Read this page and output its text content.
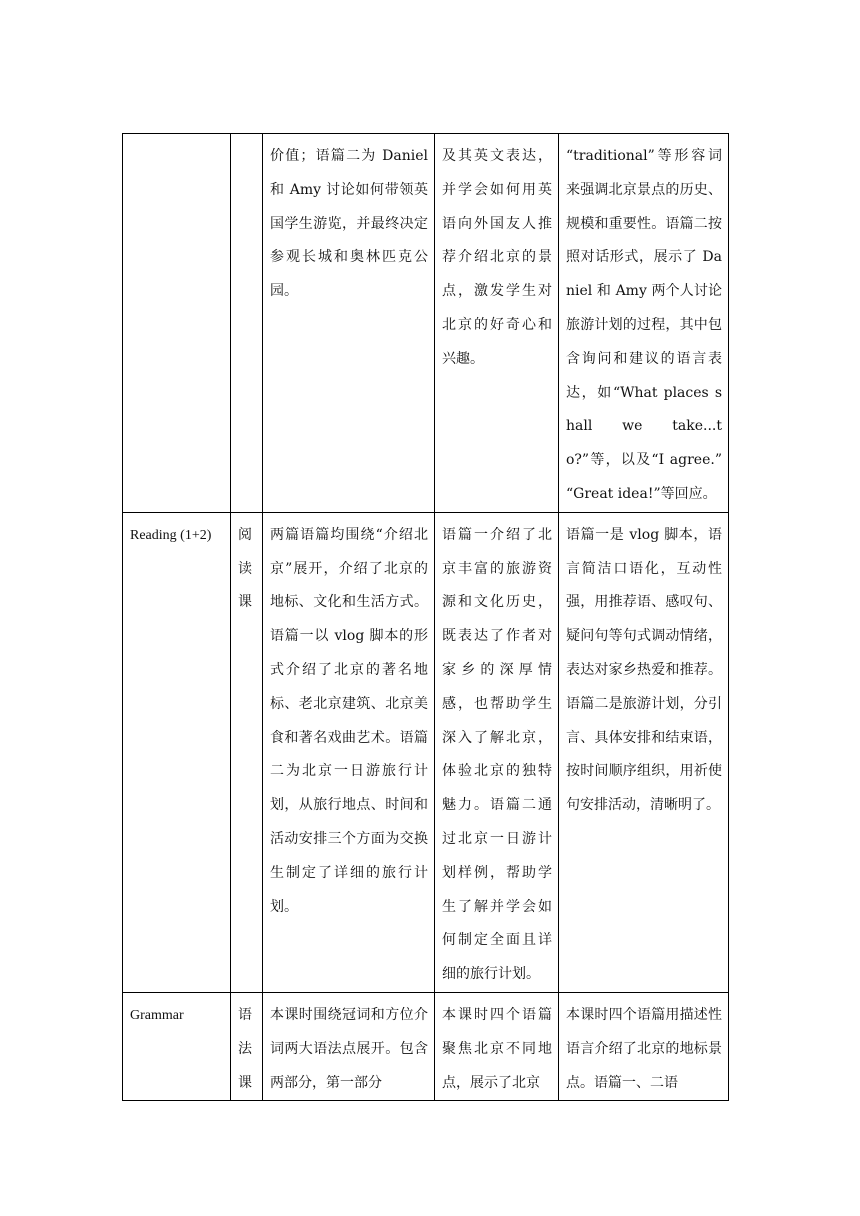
		价值；语篇二为 Daniel 和 Amy 讨论如何带领英国学生游览，并最终决定参观长城和奥林匹克公园。	及其英文表达，并学会如何用英语向外国友人推荐介绍北京的景点，激发学生对北京的好奇心和兴趣。	“traditional”等形容词来强调北京景点的历史、规模和重要性。语篇二按照对话形式，展示了 Daniel 和 Amy 两个人讨论旅游计划的过程，其中包含询问和建议的语言表达，如“What places shall we take...to?”等，以及“I agree.” “Great idea!”等回应。

Reading (1+2)	阅读课	两篇语篇均围绕“介绍北京”展开，介绍了北京的地标、文化和生活方式。语篇一以 vlog 脚本的形式介绍了北京的著名地标、老北京建筑、北京美食和著名戏曲艺术。语篇二为北京一日游旅行计划，从旅行地点、时间和活动安排三个方面为交换生制定了详细的旅行计划。	语篇一介绍了北京丰富的旅游资源和文化历史，既表达了作者对家乡的深厚情感，也帮助学生深入了解北京，体验北京的独特魅力。语篇二通过北京一日游计划样例，帮助学生了解并学会如何制定全面且详细的旅行计划。	语篇一是 vlog 脚本，语言简洁口语化，互动性强，用推荐语、感叹句、疑问句等句式调动情绪，表达对家乡热爱和推荐。语篇二是旅游计划，分引言、具体安排和结束语，按时间顺序组织，用祈使句安排活动，清晰明了。

Grammar	语法课	本课时围绕冠词和方位介词两大语法点展开。包含两部分，第一部分	本课时四个语篇聚焦北京不同地点，展示了北京	本课时四个语篇用描述性语言介绍了北京的地标景点。语篇一、二语
